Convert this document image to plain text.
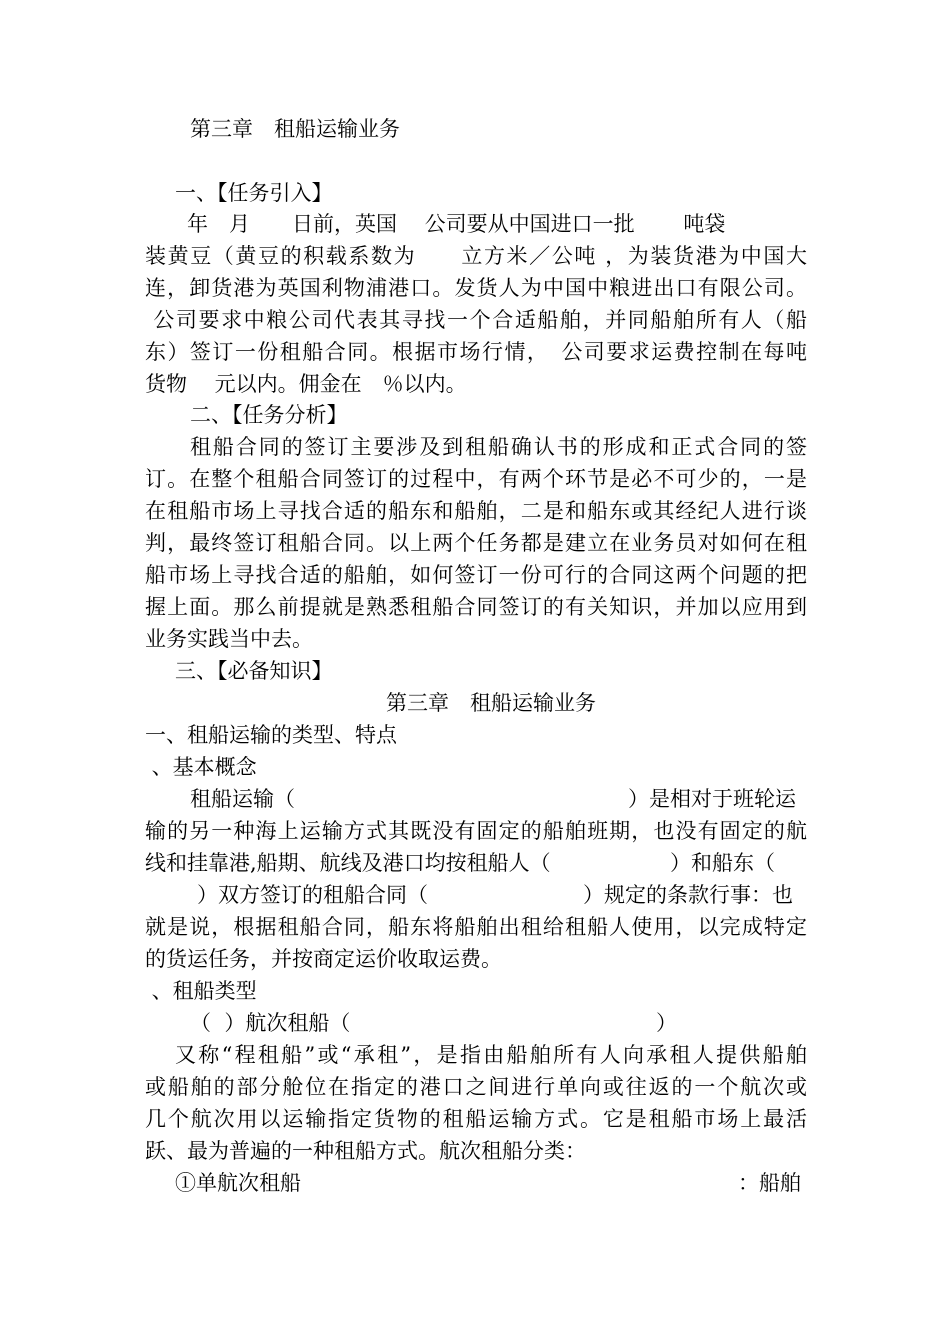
第三章　租船运输业务
一、【任务引入】
　　年　月　　日前，英国　 公司要从中国进口一批　　 吨袋
装黄豆（黄豆的积载系数为　　立方米／公吨 ，为装货港为中国大
连，卸货港为英国利物浦港口。发货人为中国中粮进出口有限公司。
公司要求中粮公司代表其寻找一个合适船舶，并同船舶所有人（船
东）签订一份租船合同。根据市场行情，　公司要求运费控制在每吨
货物　 元以内。佣金在　％以内。
二、【任务分析】
租船合同的签订主要涉及到租船确认书的形成和正式合同的签
订。在整个租船合同签订的过程中，有两个环节是必不可少的，一是
在租船市场上寻找合适的船东和船舶，二是和船东或其经纪人进行谈
判，最终签订租船合同。以上两个任务都是建立在业务员对如何在租
船市场上寻找合适的船舶，如何签订一份可行的合同这两个问题的把
握上面。那么前提就是熟悉租船合同签订的有关知识，并加以应用到
业务实践当中去。
三、【必备知识】
第三章　租船运输业务
一、租船运输的类型、特点
、基本概念
租船运输（	）是相对于班轮运
输的另一种海上运输方式其既没有固定的船舶班期，也没有固定的航
线和挂靠港,船期、航线及港口均按租船人（	）和船东（
）双方签订的租船合同（	）规定的条款行事：也
就是说，根据租船合同，船东将船舶出租给租船人使用，以完成特定
的货运任务，并按商定运价收取运费。
、租船类型
（  ）航次租船（	）
又称“程租船”或“承租”，是指由船舶所有人向承租人提供船舶
或船舶的部分舱位在指定的港口之间进行单向或往返的一个航次或
几个航次用以运输指定货物的租船运输方式。它是租船市场上最活
跃、最为普遍的一种租船方式。航次租船分类：
①单航次租船	：船舶
